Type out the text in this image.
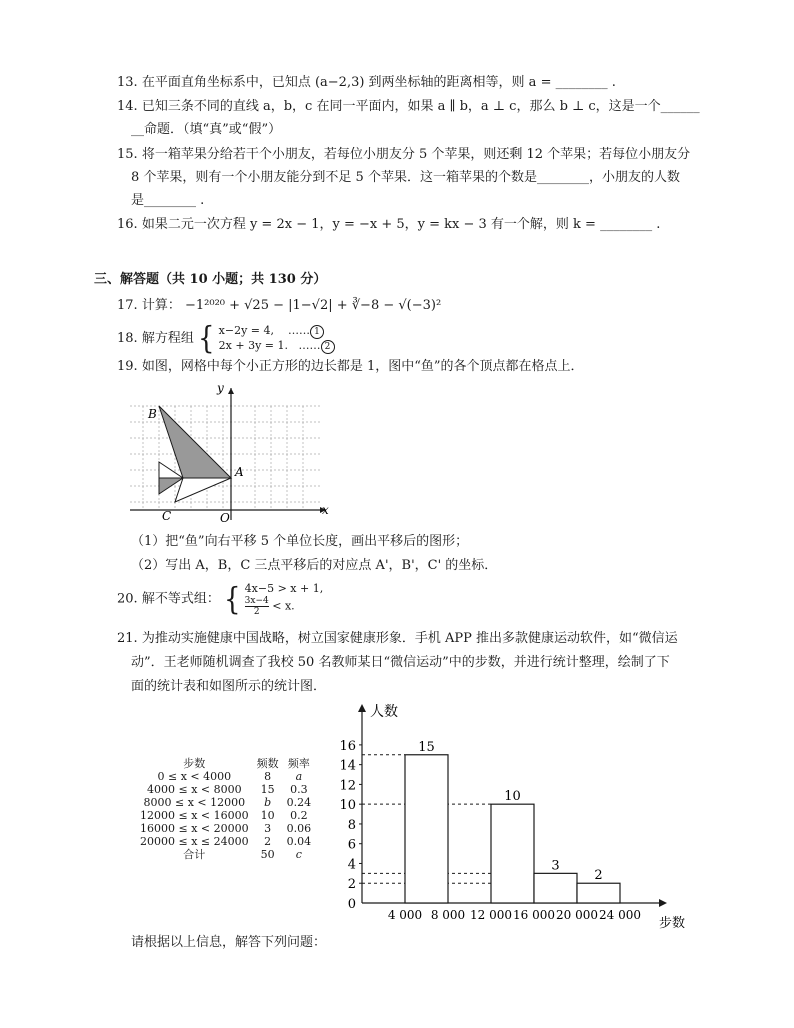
13. 在平面直角坐标系中，已知点 (a−2,3) 到两坐标轴的距离相等，则 a = ________ .
14. 已知三条不同的直线 a，b，c 在同一平面内，如果 a ∥ b，a ⊥ c，那么 b ⊥ c，这是一个______
__命题．（填“真”或“假”）
15. 将一箱苹果分给若干个小朋友，若每位小朋友分 5 个苹果，则还剩 12 个苹果；若每位小朋友分
8 个苹果，则有一个小朋友能分到不足 5 个苹果．这一箱苹果的个数是________，小朋友的人数
是________ .
16. 如果二元一次方程 y = 2x − 1，y = −x + 5，y = kx − 3 有一个解，则 k = ________ .
三、解答题（共 10 小题；共 130 分）
17. 计算： −1²⁰²⁰ + √25 − |1−√2| + ∛−8 − √(−3)²
18. 解方程组 { x−2y = 4, …… 1
2x + 3y = 1. …… 2
19. 如图，网格中每个小正方形的边长都是 1，图中“鱼”的各个顶点都在格点上．
y
x
O
A
B
C
（1）把“鱼”向右平移 5 个单位长度，画出平移后的图形；
（2）写出 A，B，C 三点平移后的对应点 A'，B'，C' 的坐标．
20. 解不等式组： { 4x−5 > x + 1,
$\frac{3x-4}{2} < x$.
21. 为推动实施健康中国战略，树立国家健康形象．手机 APP 推出多款健康运动软件，如“微信运
动”．王老师随机调查了我校 50 名教师某日“微信运动”中的步数，并进行统计整理，绘制了下
面的统计表和如图所示的统计图．
步数	频数	频率
0 ≤ x < 4000	8	a
4000 ≤ x < 8000	15	0.3
8000 ≤ x < 12000	b	0.24
12000 ≤ x < 16000	10	0.2
16000 ≤ x < 20000	3	0.06
20000 ≤ x ≤ 24000	2	0.04
合计	50	c
人数
步数
0
2
4
6
8
10
12
14
16
4 000 8 000 12 000 16 000 20 000 24 000
15
10
3
2
请根据以上信息，解答下列问题：
